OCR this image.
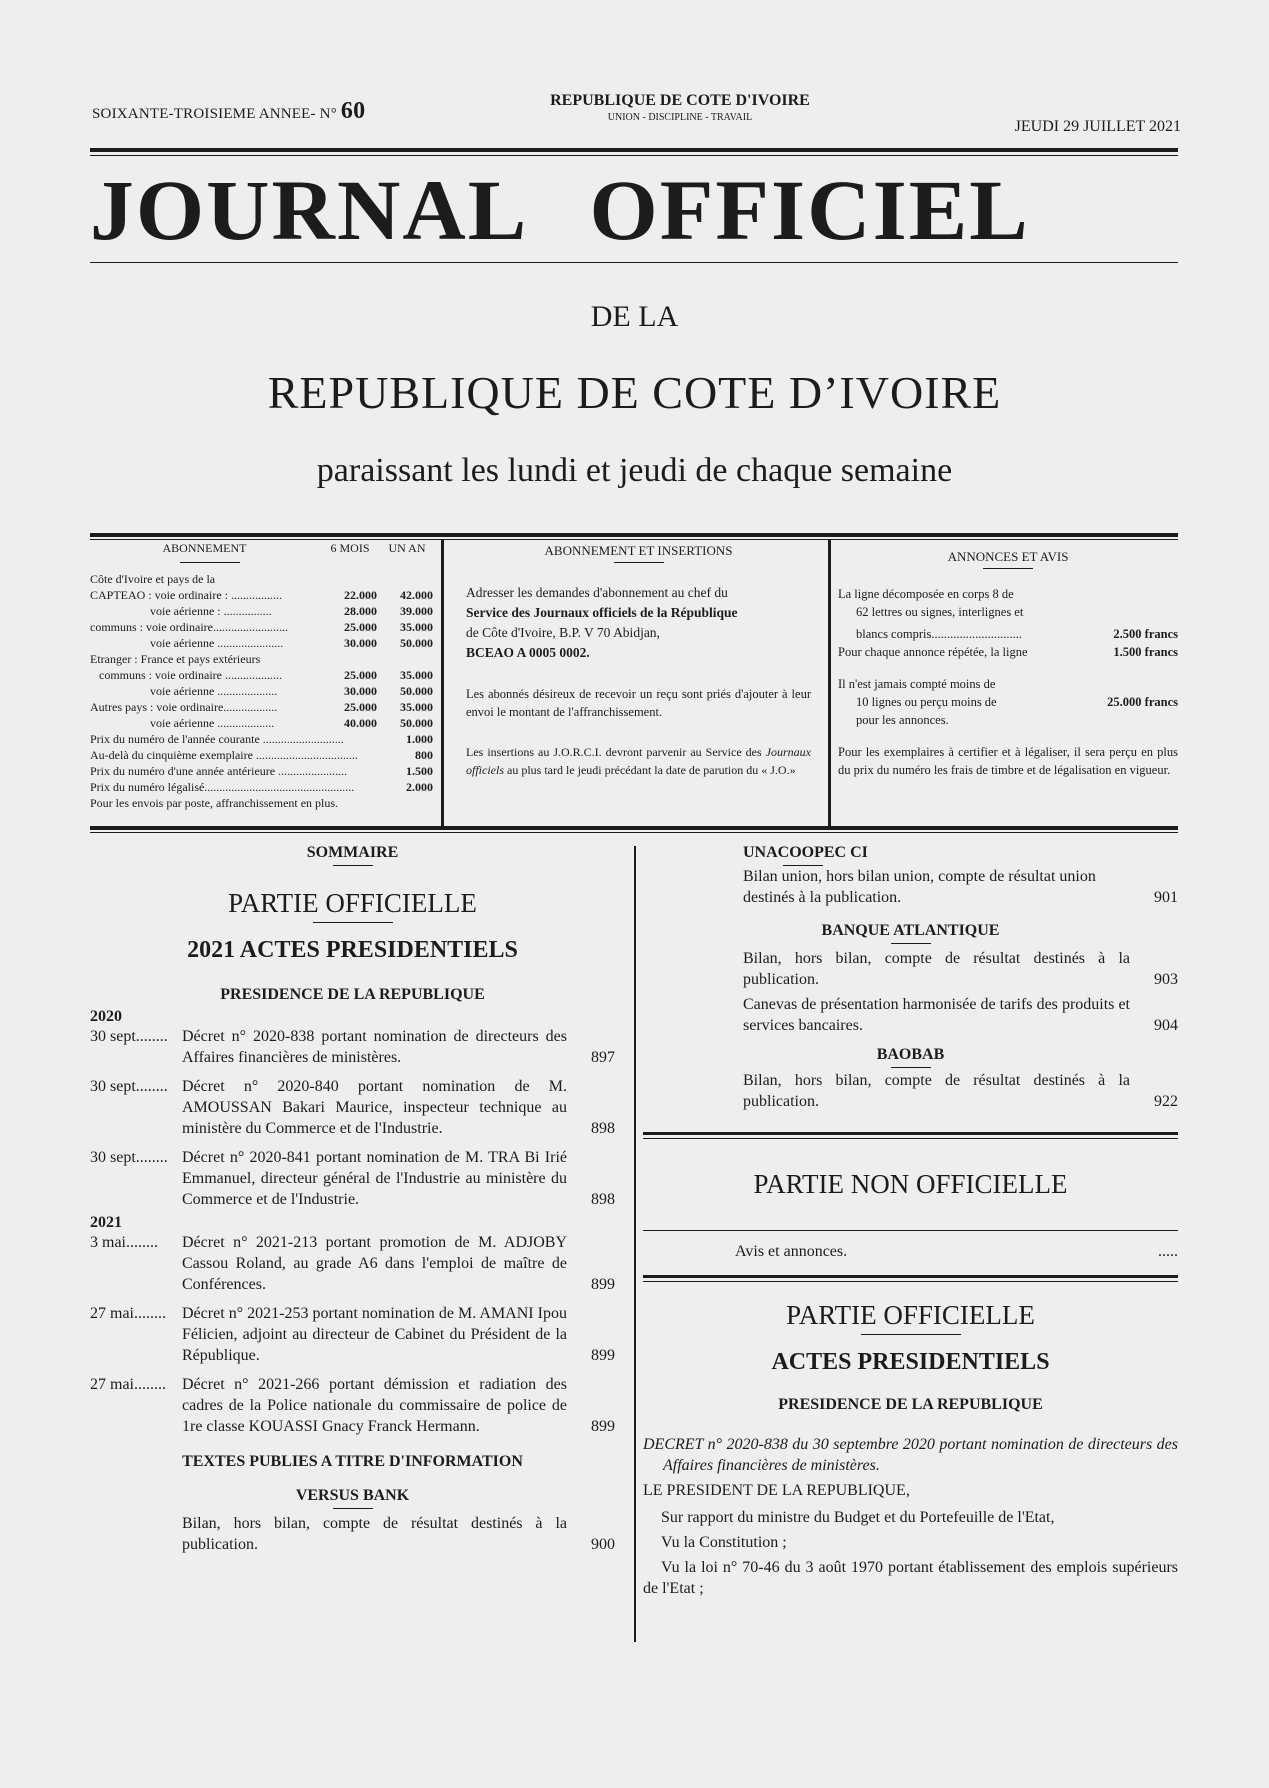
SOIXANTE-TROISIEME ANNEE- N° 60	REPUBLIQUE DE COTE D'IVOIRE
UNION - DISCIPLINE - TRAVAIL
JEUDI 29 JUILLET 2021
JOURNAL OFFICIEL
DE LA
REPUBLIQUE DE COTE D’IVOIRE
paraissant les lundi et jeudi de chaque semaine
ABONNEMENT	6 MOIS	UN AN
Côte d'Ivoire et pays de la
CAPTEAO : voie ordinaire : .................	22.000	42.000
voie aérienne : ................	28.000	39.000
communs : voie ordinaire.........................	25.000	35.000
voie aérienne ......................	30.000	50.000
Etranger : France et pays extérieurs
communs : voie ordinaire ...................	25.000	35.000
voie aérienne ....................	30.000	50.000
Autres pays : voie ordinaire..................	25.000	35.000
voie aérienne ...................	40.000	50.000
Prix du numéro de l'année courante ...........................	1.000
Au-delà du cinquième exemplaire ..................................	800
Prix du numéro d'une année antérieure .......................	1.500
Prix du numéro légalisé..................................................	2.000
Pour les envois par poste, affranchissement en plus.
ABONNEMENT ET INSERTIONS

Adresser les demandes d'abonnement au chef du
Service des Journaux officiels de la République
de Côte d'Ivoire, B.P. V 70 Abidjan,
BCEAO A 0005 0002.

Les abonnés désireux de recevoir un reçu sont priés d'ajouter à leur envoi le montant de l'affranchissement.

Les insertions au J.O.R.C.I. devront parvenir au Service des Journaux officiels au plus tard le jeudi précédant la date de parution du « J.O.»

ANNONCES ET AVIS

La ligne décomposée en corps 8 de
62 lettres ou signes, interlignes et

blancs compris.............................	2.500 francs
Pour chaque annonce répétée, la ligne	1.500 francs
Il n'est jamais compté moins de
10 lignes ou perçu moins de	25.000 francs

pour les annonces.

Pour les exemplaires à certifier et à légaliser, il sera perçu en plus du prix du numéro les frais de timbre et de légalisation en vigueur.

SOMMAIRE
PARTIE OFFICIELLE
2021 ACTES PRESIDENTIELS
PRESIDENCE DE LA REPUBLIQUE
2020
30 sept........ Décret n° 2020-838 portant nomination de directeurs des Affaires financières de ministères.	897
30 sept........ Décret n° 2020-840 portant nomination de M. AMOUSSAN Bakari Maurice, inspecteur technique au ministère du Commerce et de l'Industrie.	898
30 sept........ Décret n° 2020-841 portant nomination de M. TRA Bi Irié Emmanuel, directeur général de l'Industrie au ministère du Commerce et de l'Industrie.	898
2021
3 mai........	Décret n° 2021-213 portant promotion de M. ADJOBY Cassou Roland, au grade A6 dans l'emploi de maître de Conférences.	899
27 mai........	Décret n° 2021-253 portant nomination de M. AMANI Ipou Félicien, adjoint au directeur de Cabinet du Président de la République.	899
27 mai........	Décret n° 2021-266 portant démission et radiation des cadres de la Police nationale du commissaire de police de 1re classe KOUASSI Gnacy Franck Hermann.	899
TEXTES PUBLIES A TITRE D'INFORMATION
VERSUS BANK
Bilan, hors bilan, compte de résultat destinés à la publication.	900
UNACOOPEC CI
Bilan union, hors bilan union, compte de résultat union destinés à la publication.	901
BANQUE ATLANTIQUE
Bilan, hors bilan, compte de résultat destinés à la publication.	903
Canevas de présentation harmonisée de tarifs des produits et services bancaires.	904
BAOBAB
Bilan, hors bilan, compte de résultat destinés à la publication.	922
PARTIE NON OFFICIELLE
Avis et annonces.	.....
PARTIE OFFICIELLE
ACTES PRESIDENTIELS
PRESIDENCE DE LA REPUBLIQUE
DECRET n° 2020-838 du 30 septembre 2020 portant nomination de directeurs des Affaires financières de ministères.
LE PRESIDENT DE LA REPUBLIQUE,
Sur rapport du ministre du Budget et du Portefeuille de l'Etat,
Vu la Constitution ;
Vu la loi n° 70-46 du 3 août 1970 portant établissement des emplois supérieurs de l'Etat ;
